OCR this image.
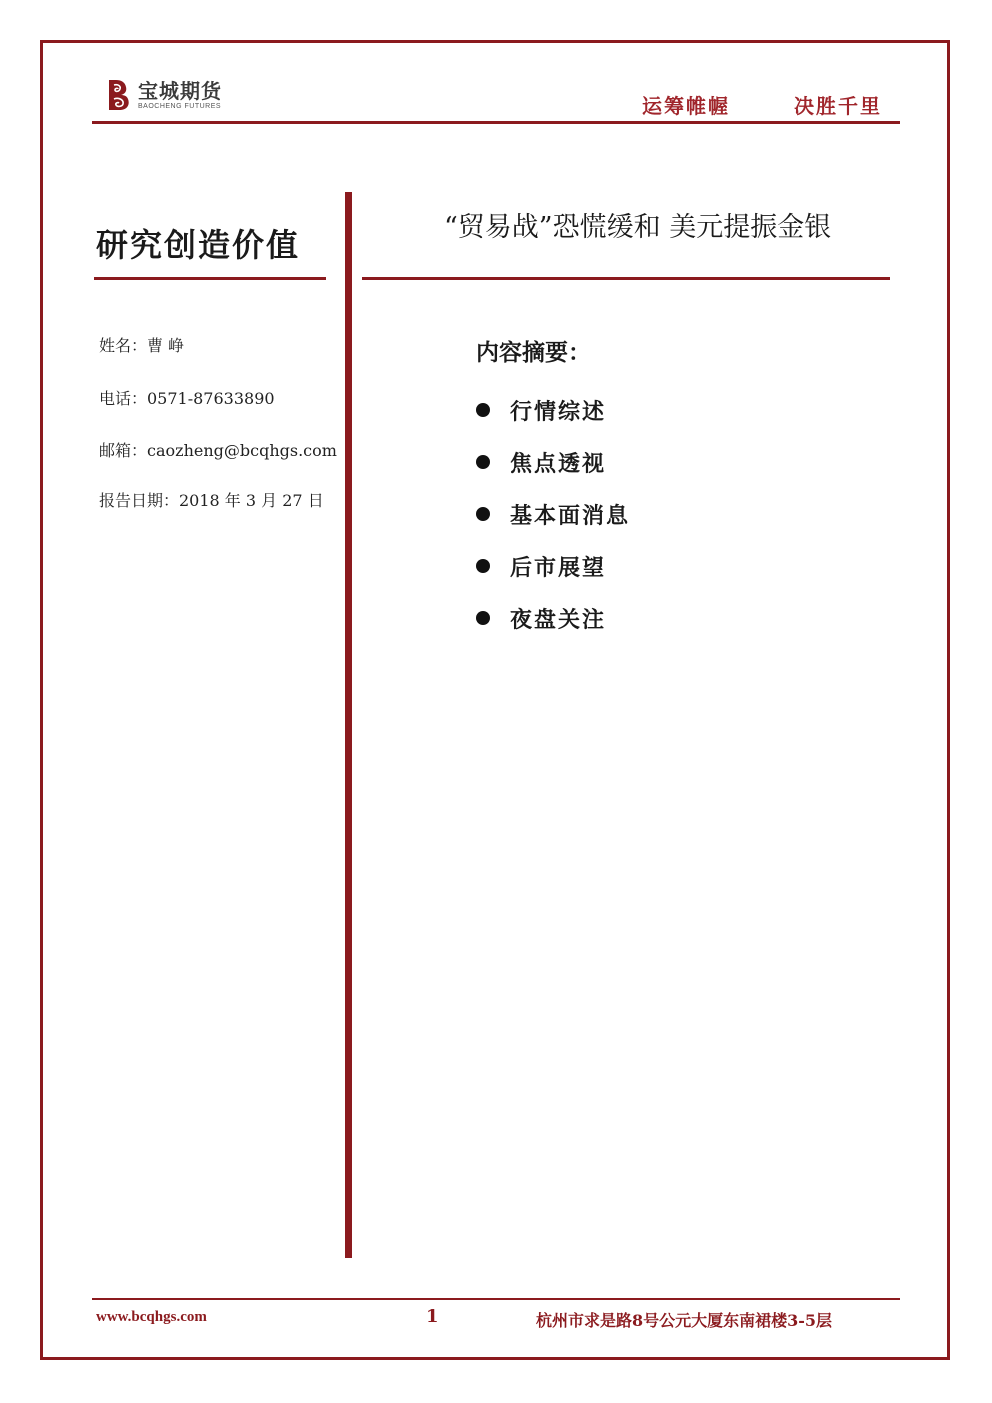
宝城期货
BAOCHENG FUTURES	运筹帷幄	决胜千里
研究创造价值	“贸易战”恐慌缓和 美元提振金银
姓名：曹 峥
电话：0571-87633890
邮箱：caozheng@bcqhgs.com
报告日期：2018 年 3 月 27 日
内容摘要：
行情综述
焦点透视
基本面消息
后市展望
夜盘关注
www.bcqhgs.com	1	杭州市求是路8号公元大厦东南裙楼3-5层
